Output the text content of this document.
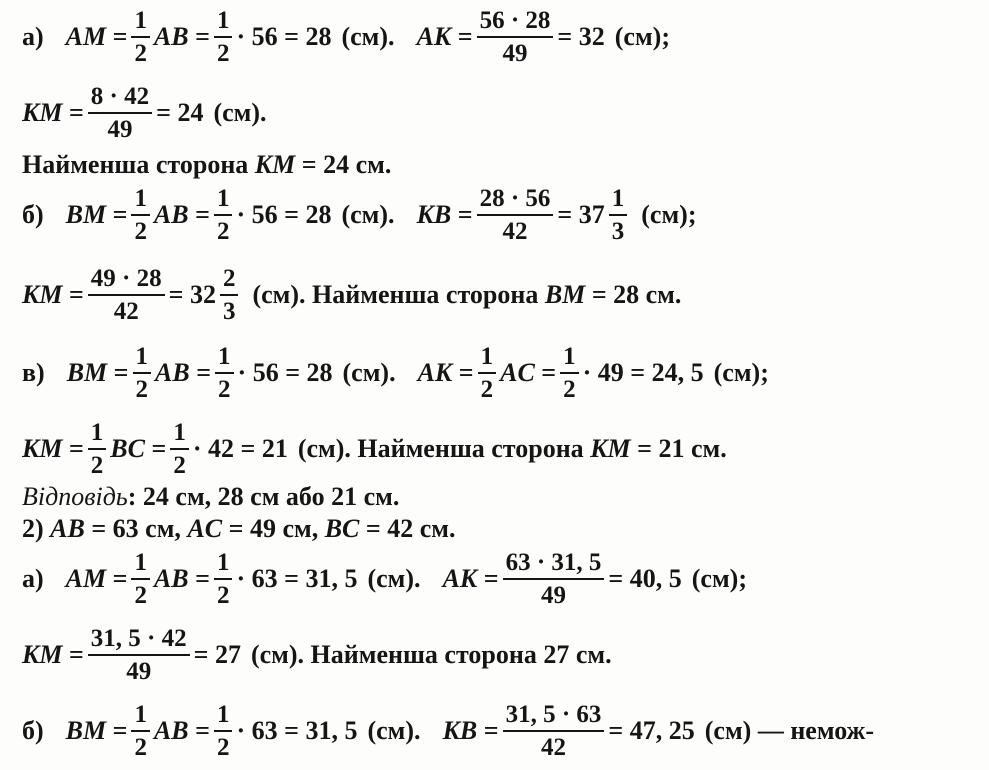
а) AM = $\frac{1}{2}$ AB = $\frac{1}{2} \cdot 56 = 28$ (см). AK = $\frac{56 \cdot 28}{49} = 32$ (см);
KM = $\frac{8 \cdot 42}{49} = 24$ (см).
Найменша сторона
KM
= 24 см.
б) BM = $\frac{1}{2}$ AB = $\frac{1}{2} \cdot 56 = 28$ (см). KB = $\frac{28 \cdot 56}{42} = 37 \frac{1}{3} (см)$;
KM = $\frac{49 \cdot 28}{42} = 32 \frac{2}{3} (см)$. Найменша сторона
BM
= 28 см.
в) BM = $\frac{1}{2}$ AB = $\frac{1}{2} \cdot 56 = 28$ (см). AK = $\frac{1}{2}$ AC = $\frac{1}{2} \cdot 49 = 24$, 5 (см);
KM = $\frac{1}{2}$ BC = $\frac{1}{2} \cdot 42 = 21$ (см). Найменша сторона
KM
= 21 см.
Відповідь : 24 см, 28 см або 21 см.
2)
AB
= 63 см,
AC
= 49 см,
BC
= 42 см.
а) AM = $\frac{1}{2}$ AB = $\frac{1}{2} \cdot 63 = 31$, 5 (см). AK = $\frac{63 \cdot 31, 5}{49} = 40$, 5 (см);
KM = $\frac{31, 5 \cdot 42}{49} = 27$ (см). Найменша сторона 27 см.
б) BM = $\frac{1}{2}$ AB = $\frac{1}{2} \cdot 63 = 31$, 5 (см). KB = $\frac{31, 5 \cdot 63}{42} = 47$, 25 (см) — немож-
